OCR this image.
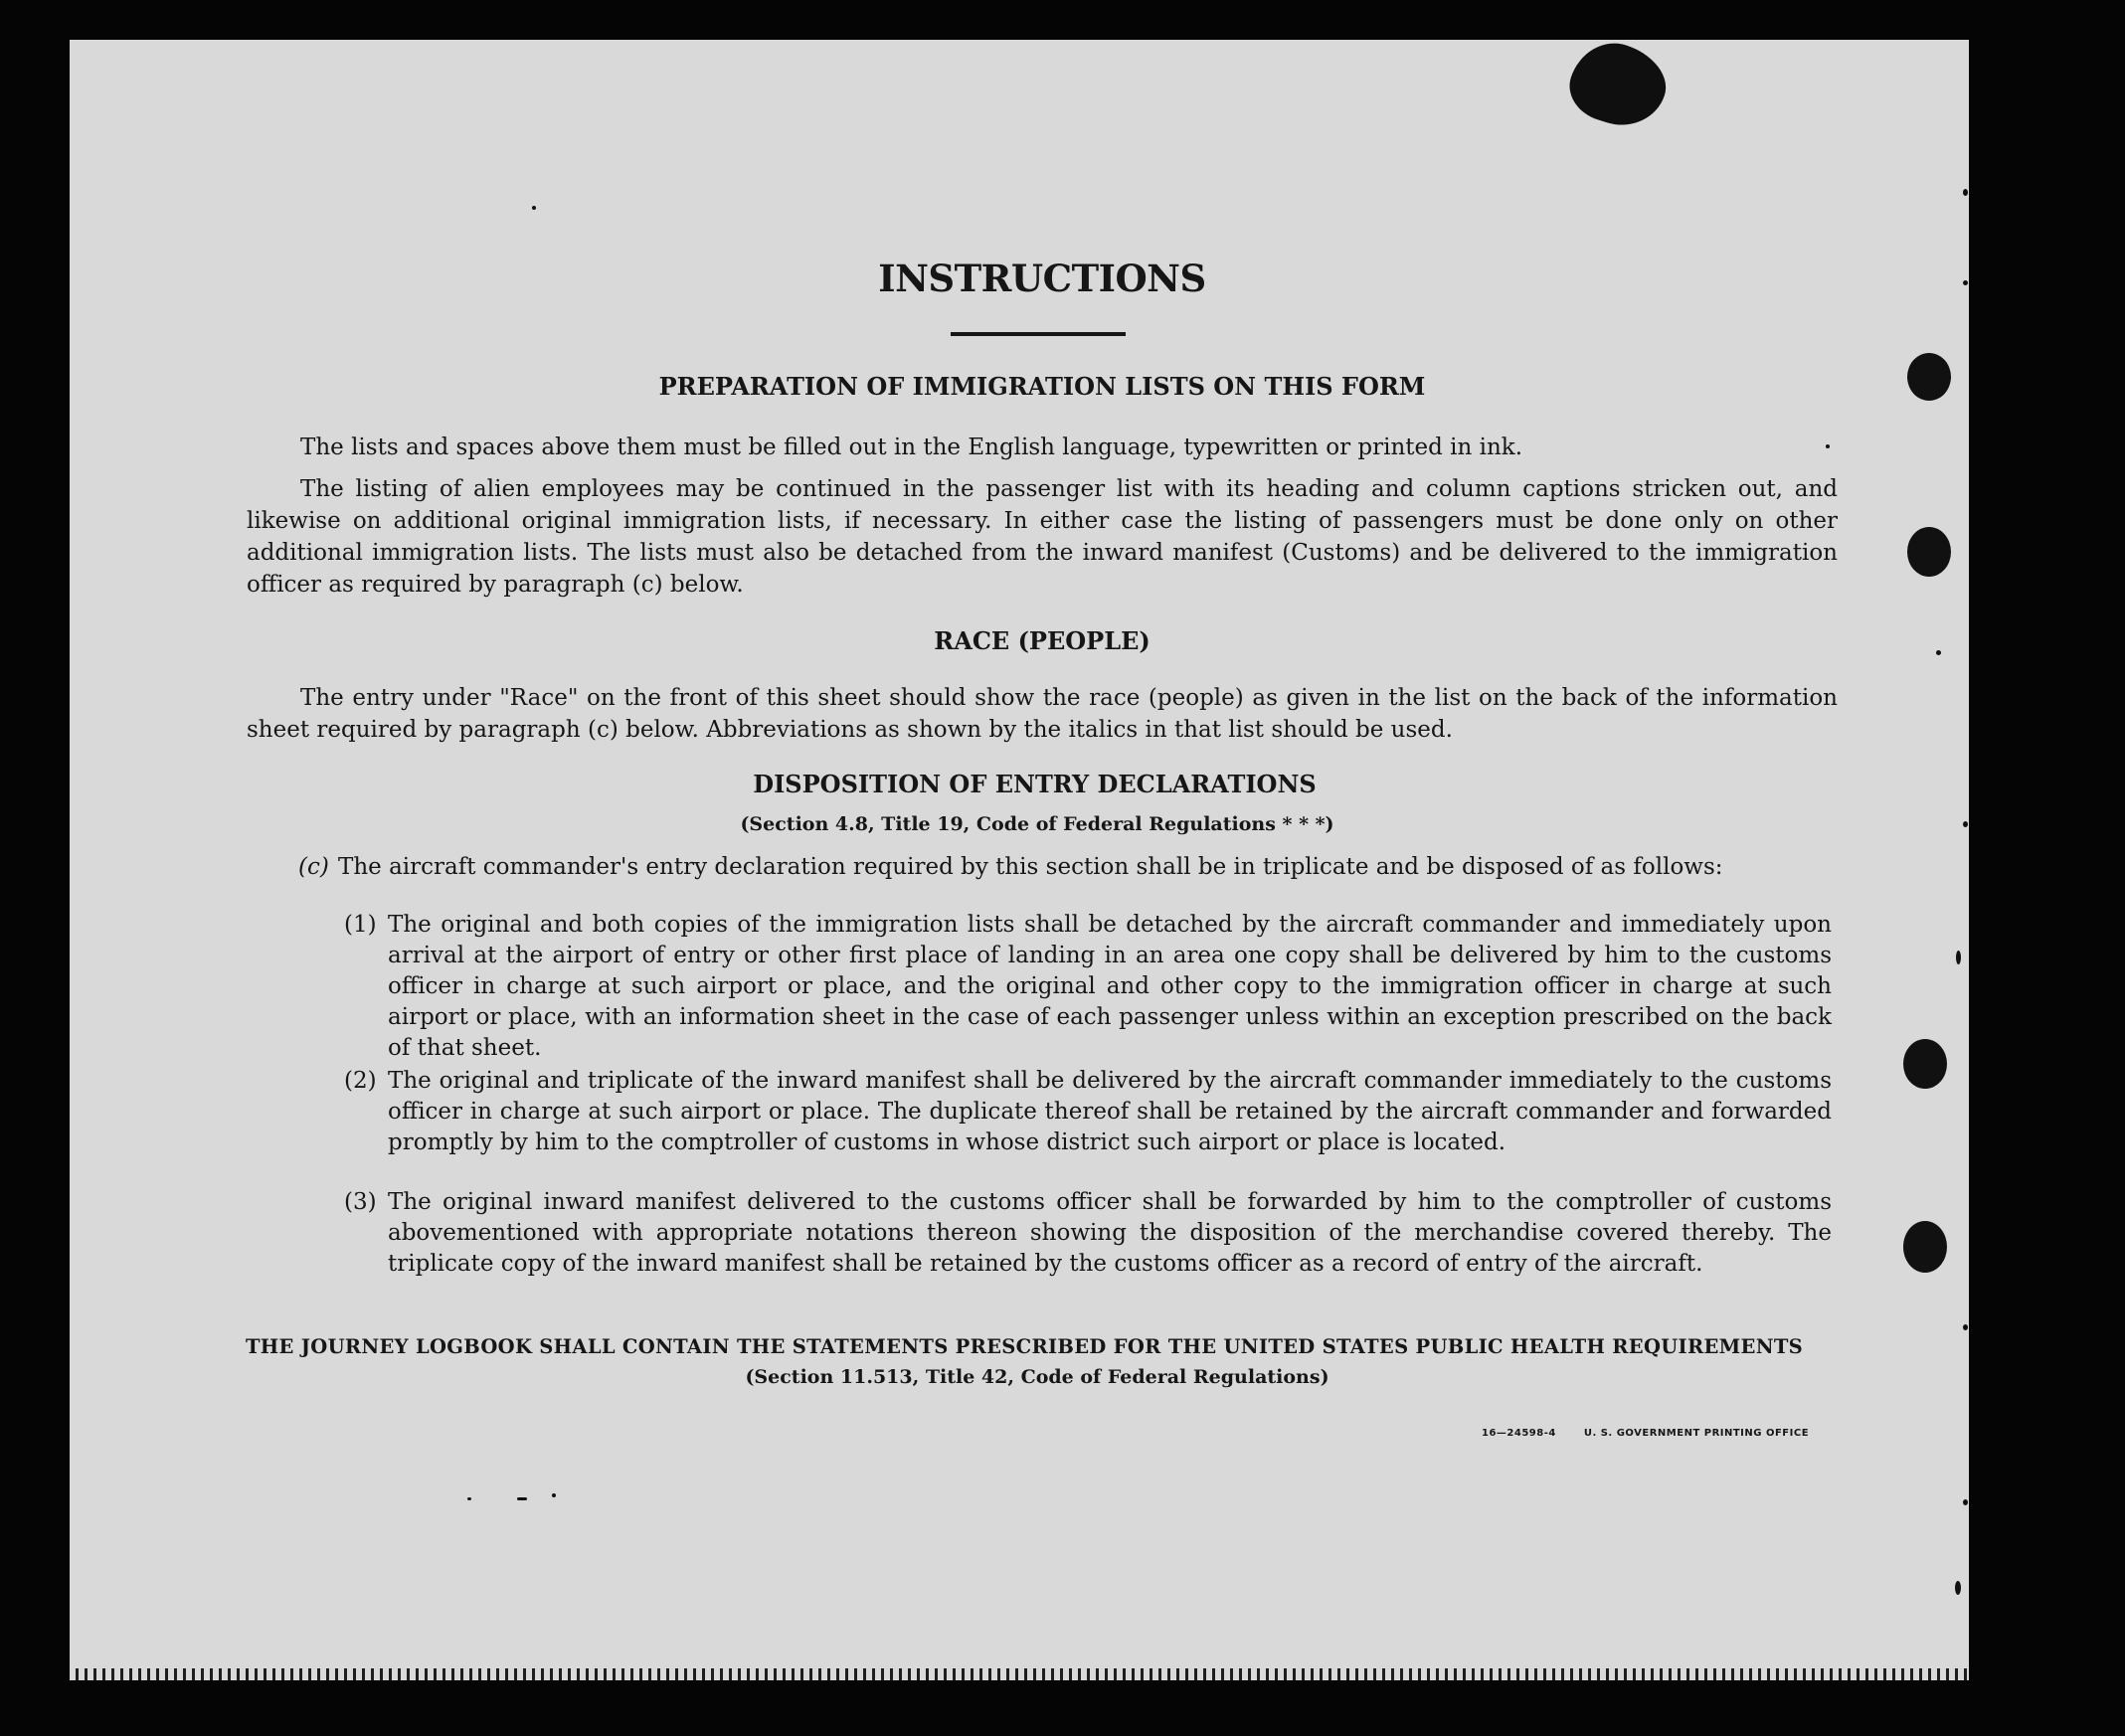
INSTRUCTIONS
PREPARATION OF IMMIGRATION LISTS ON THIS FORM
The lists and spaces above them must be filled out in the English language, typewritten or printed in ink.
The listing of alien employees may be continued in the passenger list with its heading and column captions stricken out, and likewise on additional original immigration lists, if necessary. In either case the listing of passengers must be done only on other additional immigration lists. The lists must also be detached from the inward manifest (Customs) and be delivered to the immigration officer as required by paragraph (c) below.
RACE (PEOPLE)
The entry under "Race" on the front of this sheet should show the race (people) as given in the list on the back of the information sheet required by paragraph (c) below. Abbreviations as shown by the italics in that list should be used.
DISPOSITION OF ENTRY DECLARATIONS
(Section 4.8, Title 19, Code of Federal Regulations * * *)
(c) The aircraft commander's entry declaration required by this section shall be in triplicate and be disposed of as follows:
(1) The original and both copies of the immigration lists shall be detached by the aircraft commander and immediately upon arrival at the airport of entry or other first place of landing in an area one copy shall be delivered by him to the customs officer in charge at such airport or place, and the original and other copy to the immigration officer in charge at such airport or place, with an information sheet in the case of each passenger unless within an exception prescribed on the back of that sheet.
(2) The original and triplicate of the inward manifest shall be delivered by the aircraft commander immediately to the customs officer in charge at such airport or place. The duplicate thereof shall be retained by the aircraft commander and forwarded promptly by him to the comptroller of customs in whose district such airport or place is located.
(3) The original inward manifest delivered to the customs officer shall be forwarded by him to the comptroller of customs abovementioned with appropriate notations thereon showing the disposition of the merchandise covered thereby. The triplicate copy of the inward manifest shall be retained by the customs officer as a record of entry of the aircraft.
THE JOURNEY LOGBOOK SHALL CONTAIN THE STATEMENTS PRESCRIBED FOR THE UNITED STATES PUBLIC HEALTH REQUIREMENTS
(Section 11.513, Title 42, Code of Federal Regulations)
16—24598-4	U. S. GOVERNMENT PRINTING OFFICE
